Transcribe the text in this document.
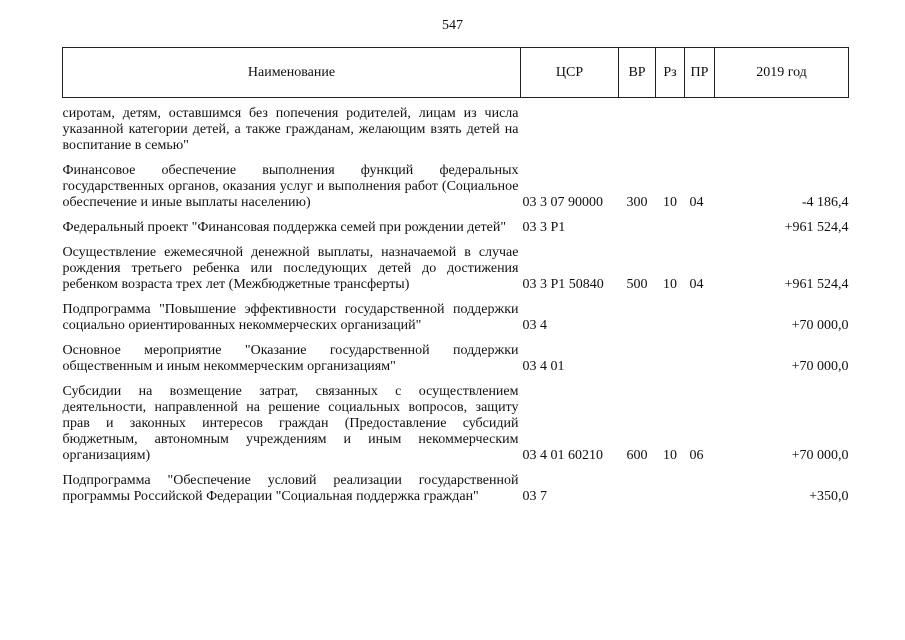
547
Наименование	ЦСР	ВР	Рз	ПР	2019 год
сиротам, детям, оставшимся без попечения родителей, лицам из числа указанной категории детей, а также гражданам, желающим взять детей на воспитание в семью"					
Финансовое обеспечение выполнения функций федеральных государственных органов, оказания услуг и выполнения работ (Социальное обеспечение и иные выплаты населению)	03 3 07 90000	300	10	04	-4 186,4
Федеральный проект "Финансовая поддержка семей при рождении детей"	03 3 P1				+961 524,4
Осуществление ежемесячной денежной выплаты, назначаемой в случае рождения третьего ребенка или последующих детей до достижения ребенком возраста трех лет (Межбюджетные трансферты)	03 3 P1 50840	500	10	04	+961 524,4
Подпрограмма "Повышение эффективности государственной поддержки социально ориентированных некоммерческих организаций"	03 4				+70 000,0
Основное мероприятие "Оказание государственной поддержки общественным и иным некоммерческим организациям"	03 4 01				+70 000,0
Субсидии на возмещение затрат, связанных с осуществлением деятельности, направленной на решение социальных вопросов, защиту прав и законных интересов граждан (Предоставление субсидий бюджетным, автономным учреждениям и иным некоммерческим организациям)	03 4 01 60210	600	10	06	+70 000,0
Подпрограмма "Обеспечение условий реализации государственной программы Российской Федерации "Социальная поддержка граждан"	03 7				+350,0
